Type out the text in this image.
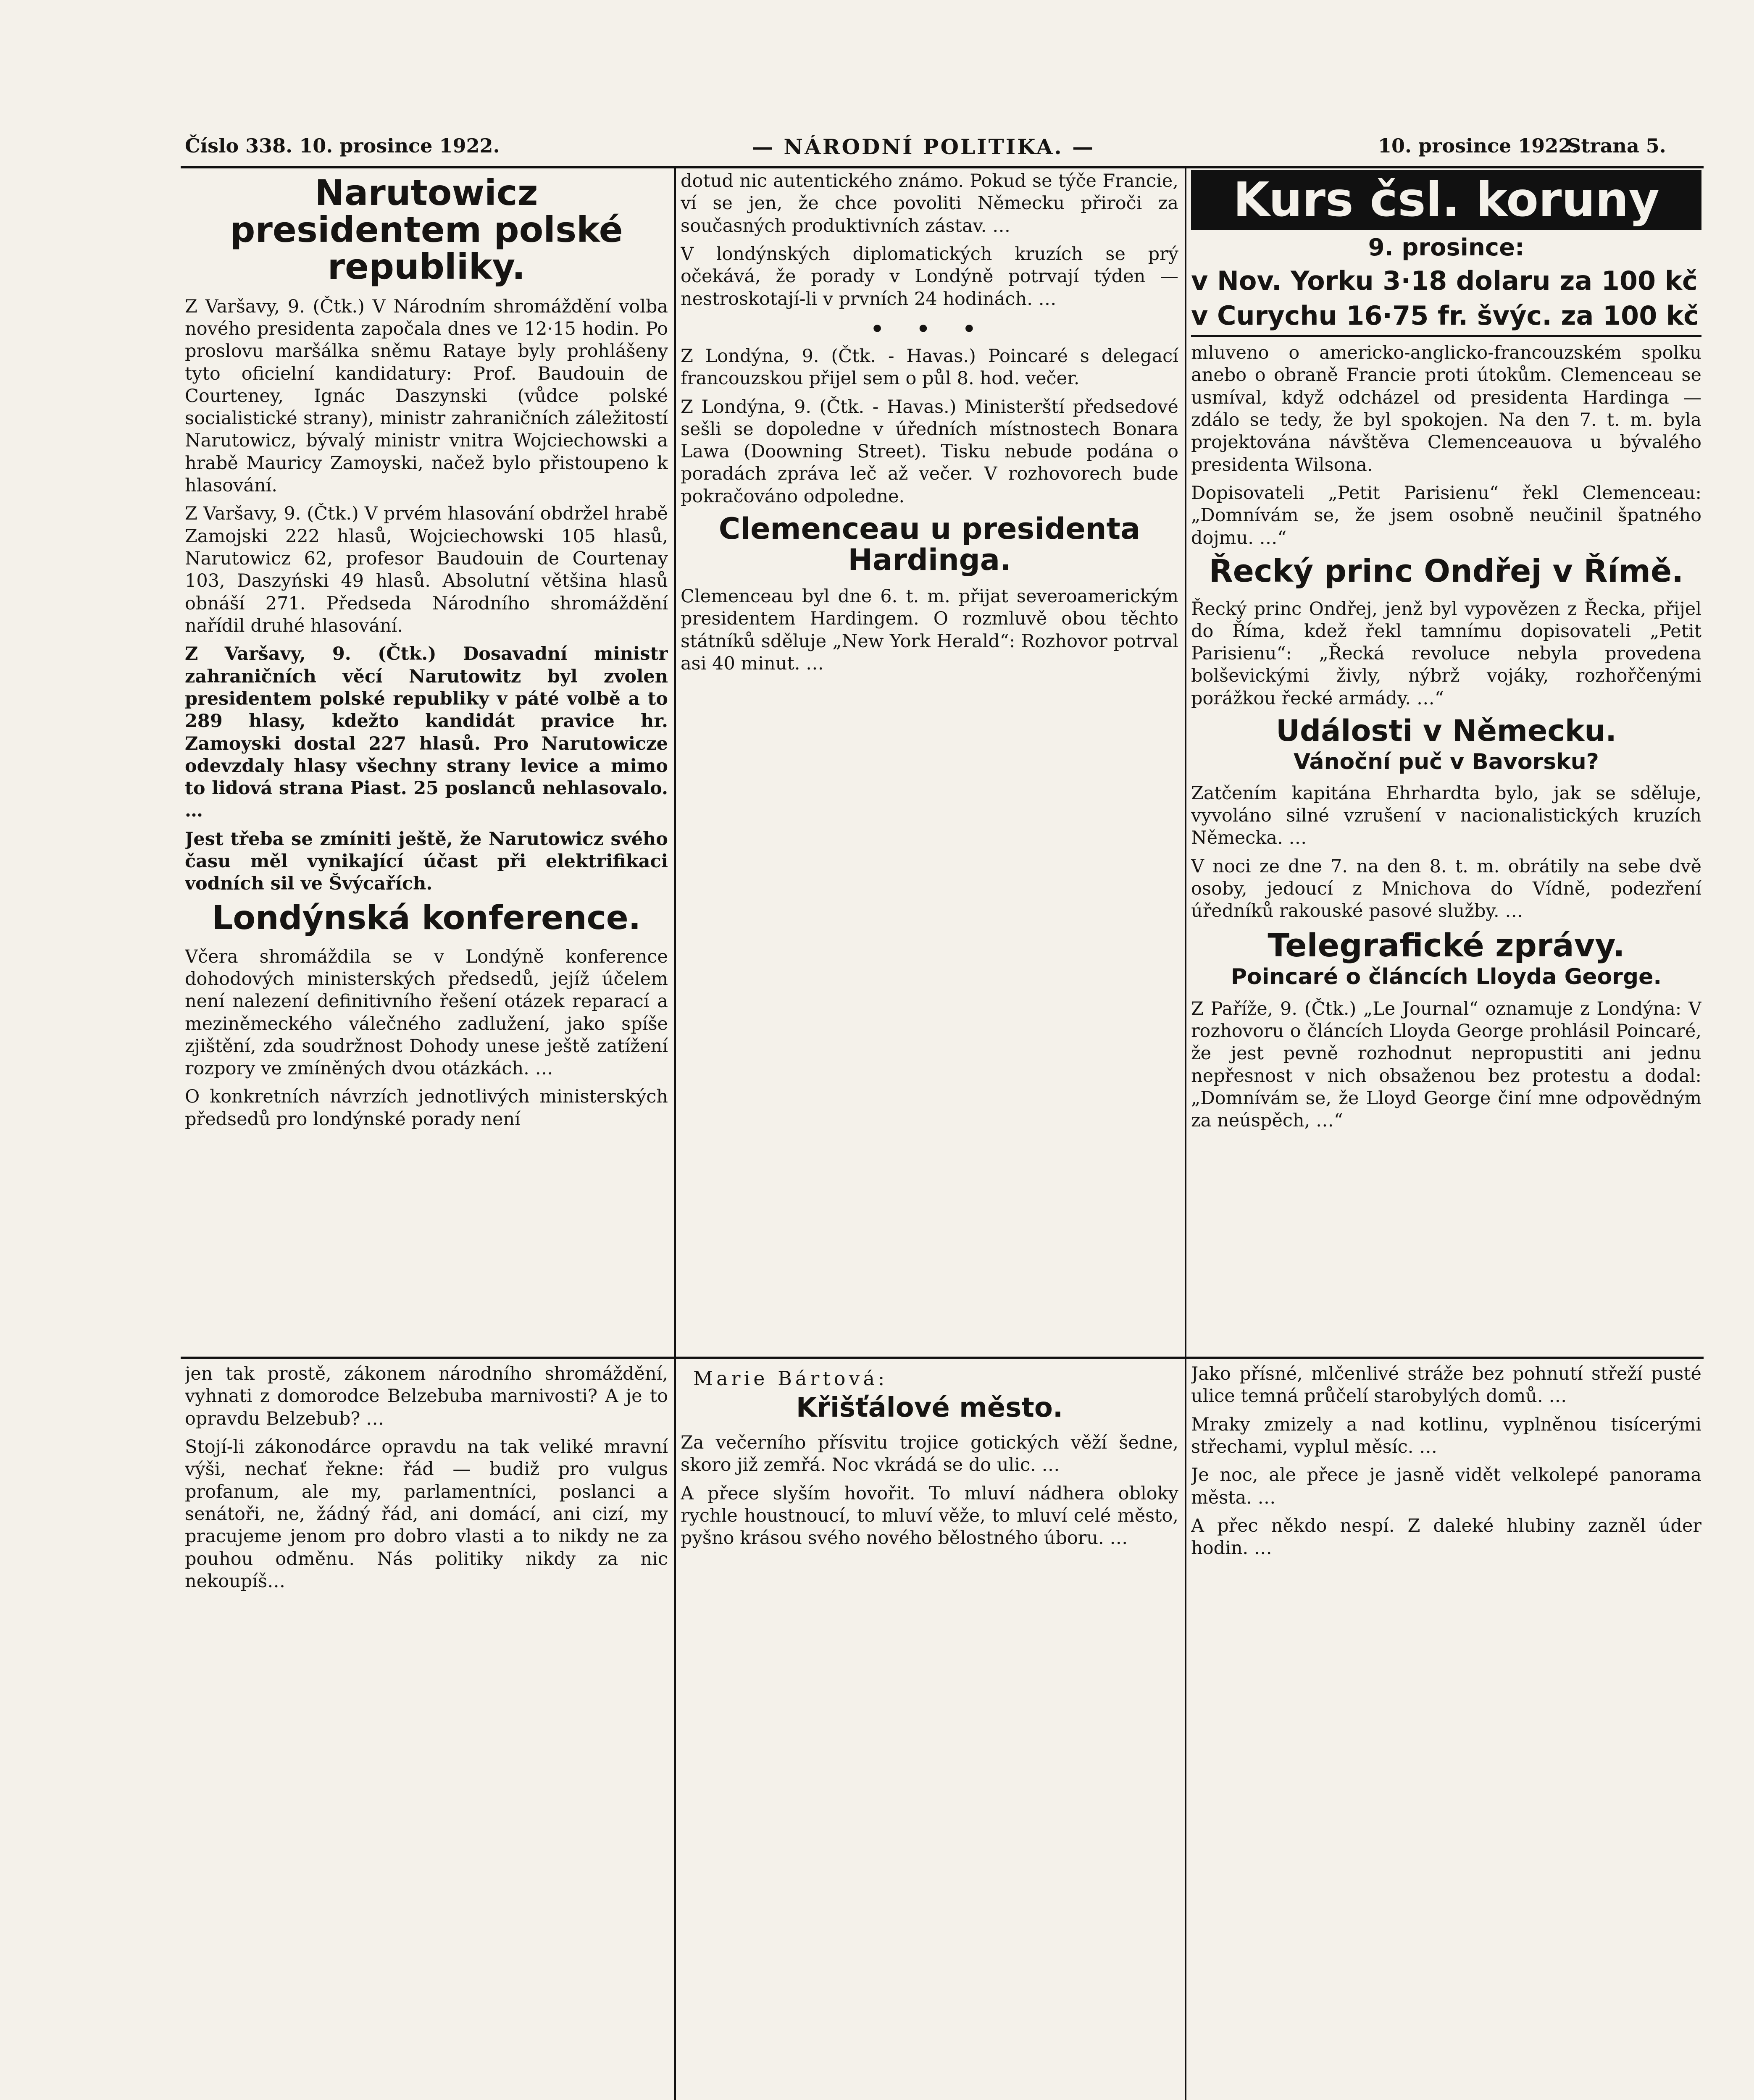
Číslo 338. 10. prosince 1922.	— NÁRODNÍ POLITIKA. —	10. prosince 1922.
Strana 5.
Narutowicz presidentem polské republiky.

Z Varšavy, 9. (Čtk.) V Národním shromáždění volba nového presidenta započala dnes ve 12·15 hodin. Po proslovu maršálka sněmu Rataye byly prohlášeny tyto oficielní kandidatury: Prof. Baudouin de Courteney, Ignác Daszynski (vůdce polské socialistické strany), ministr zahraničních záležitostí Narutowicz, bývalý ministr vnitra Wojciechowski a hrabě Mauricy Zamoyski, načež bylo přistoupeno k hlasování.

Z Varšavy, 9. (Čtk.) V prvém hlasování obdržel hrabě Zamojski 222 hlasů, Wojciechowski 105 hlasů, Narutowicz 62, profesor Baudouin de Courtenay 103, Daszyński 49 hlasů. Absolutní většina hlasů obnáší 271. Předseda Národního shromáždění nařídil druhé hlasování.

Z Varšavy, 9. (Čtk.) Dosavadní ministr zahraničních věcí Narutowitz byl zvolen presidentem polské republiky v páté volbě a to 289 hlasy, kdežto kandidát pravice hr. Zamoyski dostal 227 hlasů. Pro Narutowicze odevzdaly hlasy všechny strany levice a mimo to lidová strana Piast. 25 poslanců nehlasovalo. …

Jest třeba se zmíniti ještě, že Narutowicz svého času měl vynikající účast při elektrifikaci vodních sil ve Švýcařích.

Londýnská konference.

Včera shromáždila se v Londýně konference dohodových ministerských předsedů, jejíž účelem není nalezení definitivního řešení otázek reparací a meziněmeckého válečného zadlužení, jako spíše zjištění, zda soudržnost Dohody unese ještě zatížení rozpory ve zmíněných dvou otázkách. …

O konkretních návrzích jednotlivých ministerských předsedů pro londýnské porady není

dotud nic autentického známo. Pokud se týče Francie, ví se jen, že chce povoliti Německu přiroči za současných produktivních zástav. …

V londýnských diplomatických kruzích se prý očekává, že porady v Londýně potrvají týden — nestroskotají-li v prvních 24 hodinách. …

• • •

Z Londýna, 9. (Čtk. - Havas.) Poincaré s delegací francouzskou přijel sem o půl 8. hod. večer.

Z Londýna, 9. (Čtk. - Havas.) Ministerští předsedové sešli se dopoledne v úředních místnostech Bonara Lawa (Doowning Street). Tisku nebude podána o poradách zpráva leč až večer. V rozhovorech bude pokračováno odpoledne.

Clemenceau u presidenta Hardinga.

Clemenceau byl dne 6. t. m. přijat severoamerickým presidentem Hardingem. O rozmluvě obou těchto státníků sděluje „New York Herald“: Rozhovor potrval asi 40 minut. …

Kurs čsl. koruny
9. prosince:
v Nov. Yorku 3·18 dolaru za 100 kč
v Curychu 16·75 fr. švýc. za 100 kč

mluveno o americko-anglicko-francouzském spolku anebo o obraně Francie proti útokům. Clemenceau se usmíval, když odcházel od presidenta Hardinga — zdálo se tedy, že byl spokojen. Na den 7. t. m. byla projektována návštěva Clemenceauova u bývalého presidenta Wilsona.

Dopisovateli „Petit Parisienu“ řekl Clemenceau: „Domnívám se, že jsem osobně neučinil špatného dojmu. …“

Řecký princ Ondřej v Římě.

Řecký princ Ondřej, jenž byl vypovězen z Řecka, přijel do Říma, kdež řekl tamnímu dopisovateli „Petit Parisienu“: „Řecká revoluce nebyla provedena bolševickými živly, nýbrž vojáky, rozhořčenými porážkou řecké armády. …“

Události v Německu.
Vánoční puč v Bavorsku?

Zatčením kapitána Ehrhardta bylo, jak se sděluje, vyvoláno silné vzrušení v nacionalistických kruzích Německa. …

V noci ze dne 7. na den 8. t. m. obrátily na sebe dvě osoby, jedoucí z Mnichova do Vídně, podezření úředníků rakouské pasové služby. …

Telegrafické zprávy.
Poincaré o článcích Lloyda George.

Z Paříže, 9. (Čtk.) „Le Journal“ oznamuje z Londýna: V rozhovoru o článcích Lloyda George prohlásil Poincaré, že jest pevně rozhodnut nepropustiti ani jednu nepřesnost v nich obsaženou bez protestu a dodal: „Domnívám se, že Lloyd George činí mne odpovědným za neúspěch, …“

jen tak prostě, zákonem národního shromáždění, vyhnati z domorodce Belzebuba marnivosti? A je to opravdu Belzebub? …

Stojí-li zákonodárce opravdu na tak veliké mravní výši, nechať řekne: řád — budiž pro vulgus profanum, ale my, parlamentníci, poslanci a senátoři, ne, žádný řád, ani domácí, ani cizí, my pracujeme jenom pro dobro vlasti a to nikdy ne za pouhou odměnu. Nás politiky nikdy za nic nekoupíš…

Marie Bártová:
Křišťálové město.

Za večerního přísvitu trojice gotických věží šedne, skoro již zemřá. Noc vkrádá se do ulic. …

A přece slyším hovořit. To mluví nádhera obloky rychle houstnoucí, to mluví věže, to mluví celé město, pyšno krásou svého nového bělostného úboru. …

Jako přísné, mlčenlivé stráže bez pohnutí střeží pusté ulice temná průčelí starobylých domů. …

Mraky zmizely a nad kotlinu, vyplněnou tisícerými střechami, vyplul měsíc. …

Je noc, ale přece je jasně vidět velkolepé panorama města. …

A přec někdo nespí. Z daleké hlubiny zazněl úder hodin. …
